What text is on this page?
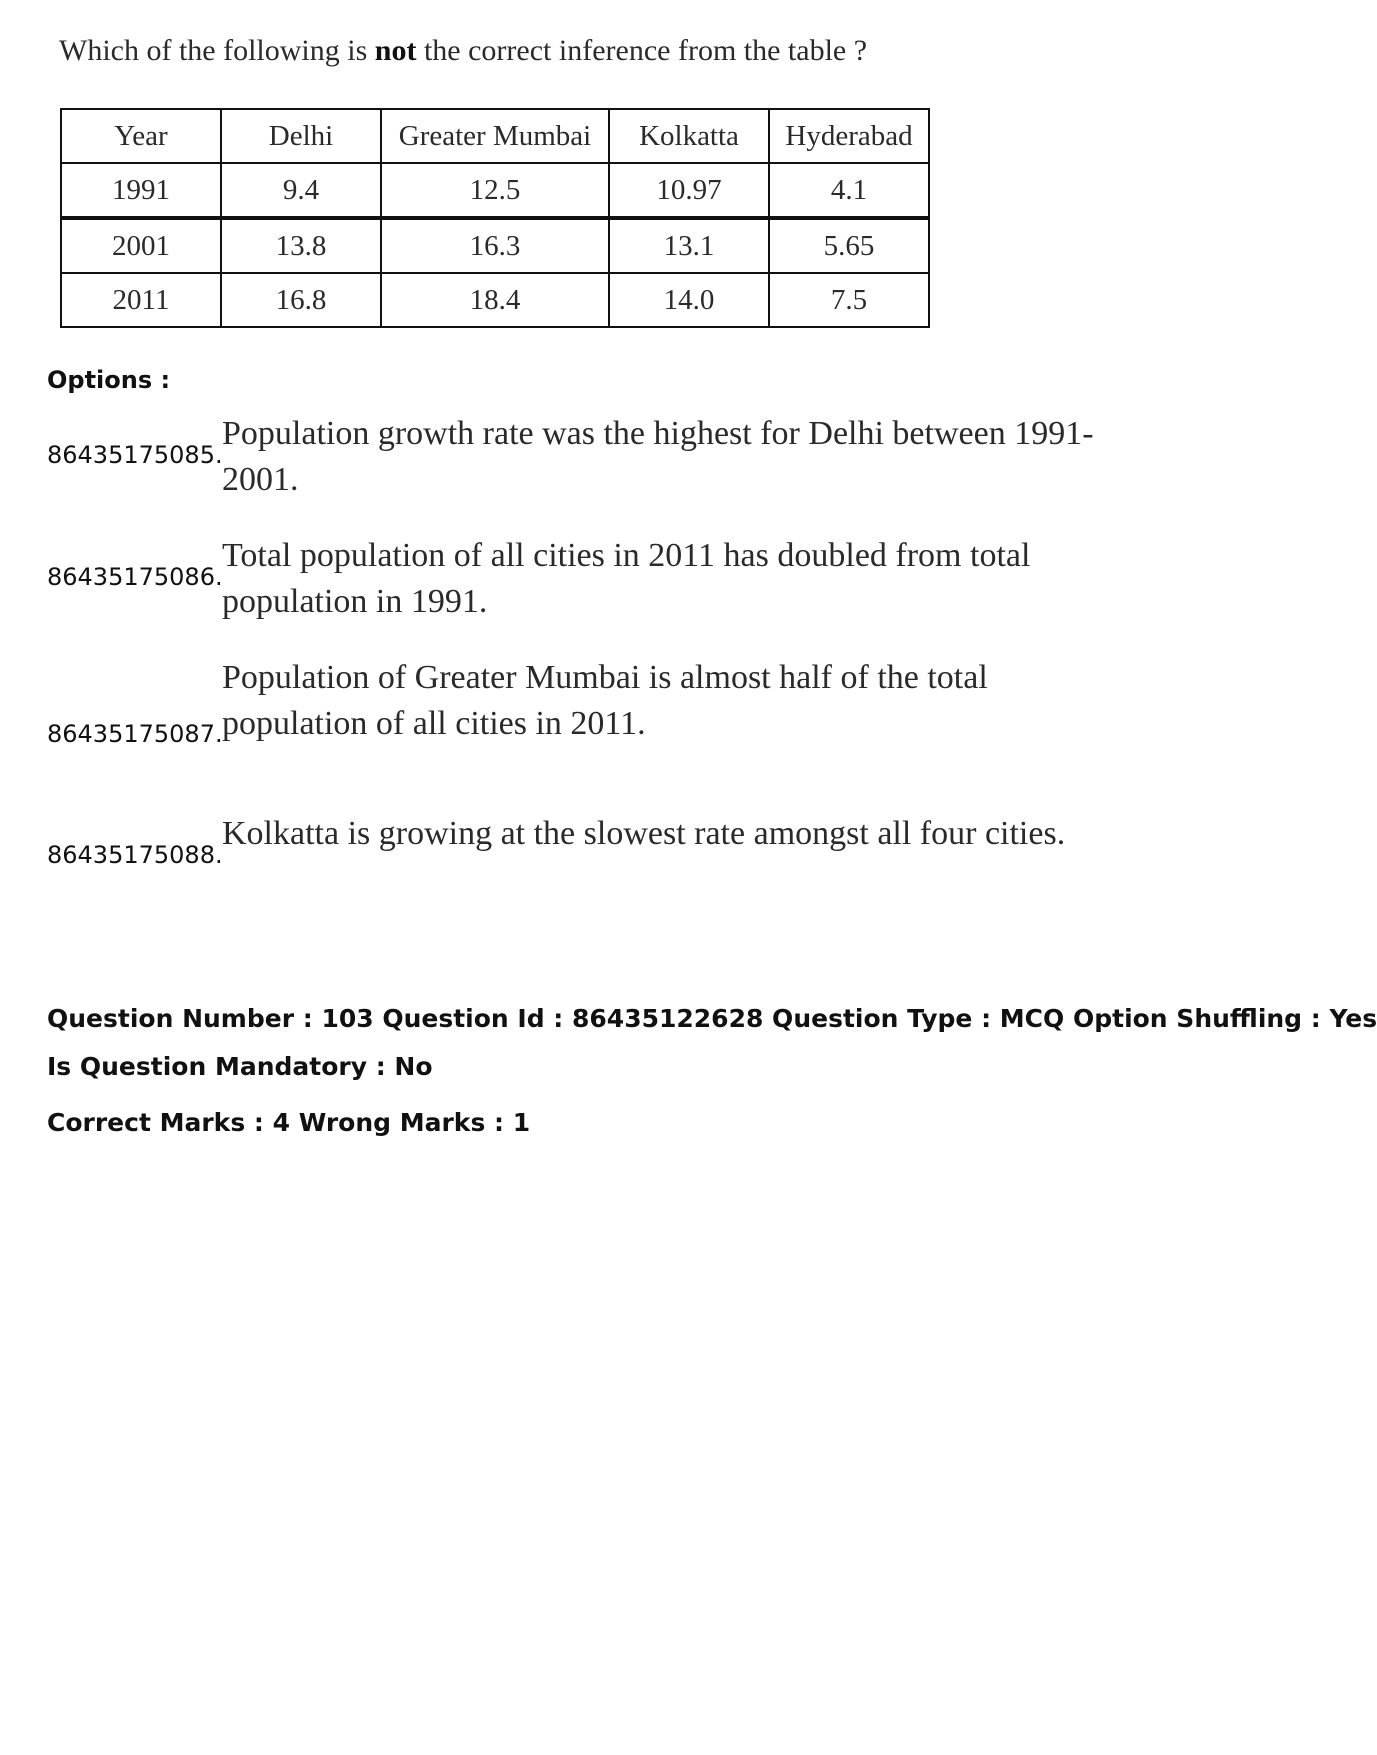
Which of the following is not the correct inference from the table ?
Year	Delhi	Greater Mumbai	Kolkatta	Hyderabad
1991	9.4	12.5	10.97	4.1
2001	13.8	16.3	13.1	5.65
2011	16.8	18.4	14.0	7.5
Options :
86435175085.
Population growth rate was the highest for Delhi between 1991-2001.
86435175086.
Total population of all cities in 2011 has doubled from total population in 1991.
86435175087.
Population of Greater Mumbai is almost half of the total population of all cities in 2011.
86435175088.
Kolkatta is growing at the slowest rate amongst all four cities.
Question Number : 103 Question Id : 86435122628 Question Type : MCQ Option Shuffling : Yes
Is Question Mandatory : No
Correct Marks : 4 Wrong Marks : 1
